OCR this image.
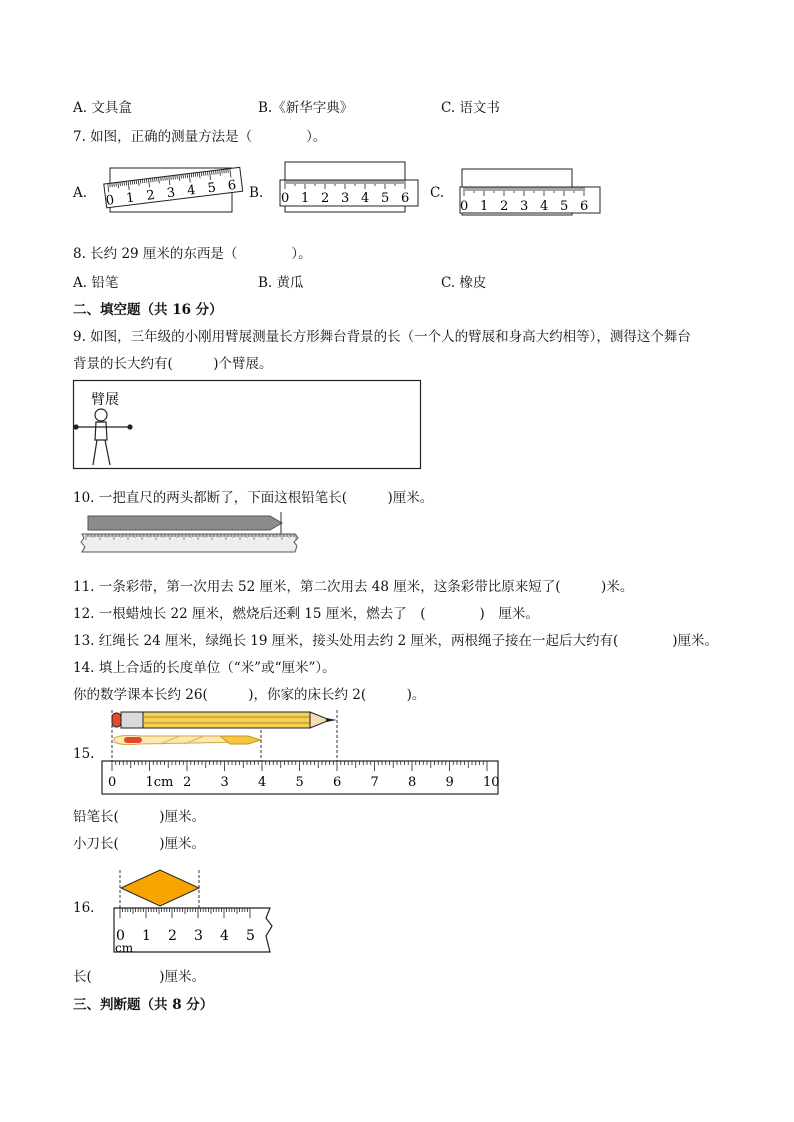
A. 文具盒	B.《新华字典》	C. 语文书
7. 如图，正确的测量方法是（　　　　）。
A.	B.	C.
0 1 2 3 4 5 6
0 1 2 3 4 5 6
0 1 2 3 4 5 6
8. 长约 29 厘米的东西是（　　　　）。
A. 铅笔	B. 黄瓜	C. 橡皮
二、填空题（共 16 分）
9. 如图，三年级的小刚用臂展测量长方形舞台背景的长（一个人的臂展和身高大约相等），测得这个舞台
背景的长大约有(　　　)个臂展。
臂展
10. 一把直尺的两头都断了，下面这根铅笔长(　　　)厘米。
11. 一条彩带，第一次用去 52 厘米，第二次用去 48 厘米，这条彩带比原来短了(　　　)米。
12. 一根蜡烛长 22 厘米，燃烧后还剩 15 厘米，燃去了　(　　　　)　厘米。
13. 红绳长 24 厘米，绿绳长 19 厘米，接头处用去约 2 厘米，两根绳子接在一起后大约有(　　　　)厘米。
14. 填上合适的长度单位（“米”或“厘米”）。
你的数学课本长约 26(　　　)，你家的床长约 2(　　　)。
15.
0 1cm 2 3 4 5 6 7 8 9 10
铅笔长(　　　)厘米。
小刀长(　　　)厘米。
16.
0 1 2 3 4 5
cm
长(　　　　　)厘米。
三、判断题（共 8 分）
